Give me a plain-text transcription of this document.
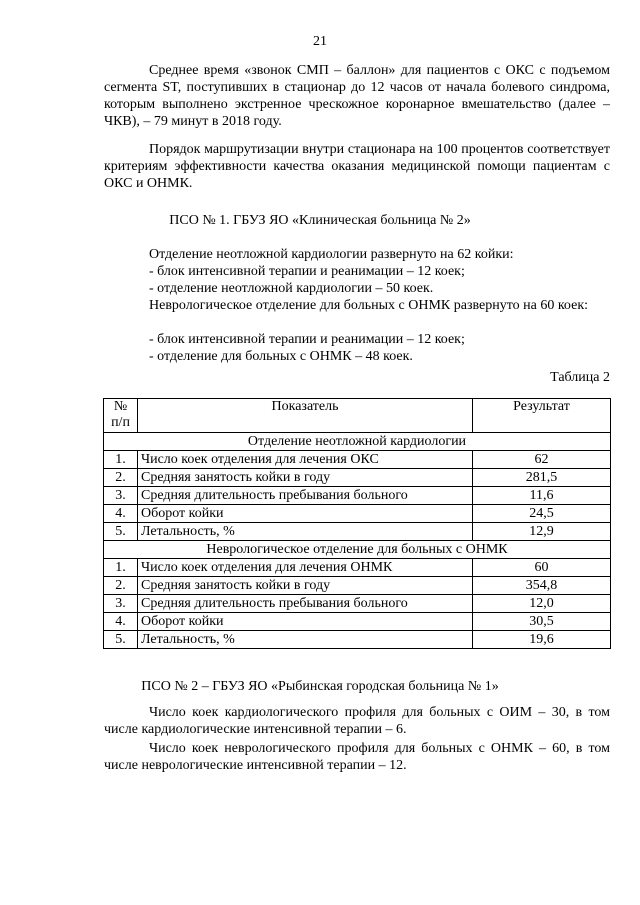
21

Среднее время «звонок СМП – баллон» для пациентов с ОКС с подъемом сегмента ST, поступивших в стационар до 12 часов от начала болевого синдрома, которым выполнено экстренное чрескожное коронарное вмешательство (далее – ЧКВ), – 79 минут в 2018 году.

Порядок маршрутизации внутри стационара на 100 процентов соответствует критериям эффективности качества оказания медицинской помощи пациентам с ОКС и ОНМК.

ПСО № 1. ГБУЗ ЯО «Клиническая больница № 2»
Отделение неотложной кардиологии развернуто на 62 койки:
- блок интенсивной терапии и реанимации – 12 коек;
- отделение неотложной кардиологии – 50 коек.

Неврологическое отделение для больных с ОНМК развернуто на 60 коек:

- блок интенсивной терапии и реанимации – 12 коек;
- отделение для больных с ОНМК – 48 коек.
Таблица 2
№
п/п	Показатель	Результат
Отделение неотложной кардиологии		
1.	Число коек отделения для лечения ОКС	62
2.	Средняя занятость койки в году	281,5
3.	Средняя длительность пребывания больного	11,6
4.	Оборот койки	24,5
5.	Летальность, %	12,9
Неврологическое отделение для больных с ОНМК		
1.	Число коек отделения для лечения ОНМК	60
2.	Средняя занятость койки в году	354,8
3.	Средняя длительность пребывания больного	12,0
4.	Оборот койки	30,5
5.	Летальность, %	19,6
ПСО № 2 – ГБУЗ ЯО «Рыбинская городская больница № 1»

Число коек кардиологического профиля для больных с ОИМ – 30, в том числе кардиологические интенсивной терапии – 6.

Число коек неврологического профиля для больных с ОНМК – 60, в том числе неврологические интенсивной терапии – 12.
